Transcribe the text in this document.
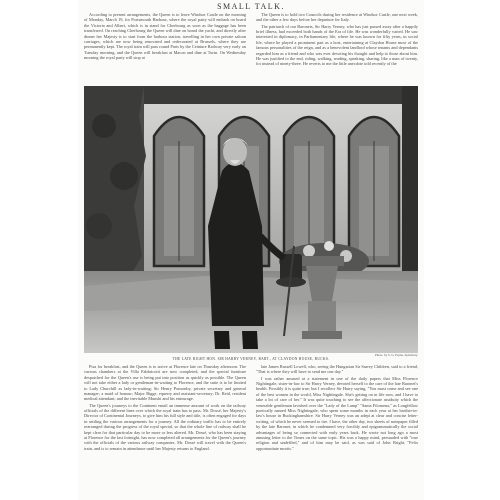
SMALL TALK.

According to present arrangements, the Queen is to leave Windsor Castle on the morning of Monday, March 19, for Portsmouth Harbour, where the royal party will embark on board the Victoria and Albert, which is in stand for Cherbourg as soon as the baggage has been transferred. On reaching Cherbourg the Queen will dine on board the yacht, and directly after dinner her Majesty is to start from the harbour station, travelling in her own private saloon carriages, which are now being renovated and redecorated at Brussels, where they are permanently kept. The royal train will pass round Paris by the Ceinture Railway very early on Tuesday morning, and the Queen will breakfast at Macon and dine at Turin. On Wednesday morning the royal party will stop at

The Queen is to hold two Councils during her residence at Windsor Castle, one next week, and the other a few days before her departure for Italy.

The patriarch of our Baronets, Sir Harry Verney, who has just passed away after a happily brief illness, had exceeded both hands of the Era of life. He was wonderfully varied. He saw interested in diplomacy, in Parliamentary life, where he was known for fifty years, in social life, where he played a prominent part as a host, entertaining at Claydon House most of the famous personalities of the reign, and as a benevolent landlord whose tenants and dependants regarded him as a friend and who was ever devoting his thought and help to those about him. He was justified to the end, riding, walking, reading, speaking, sharing, like a man of twenty, for instead of ninety-three. He reverts to me the little anecdote told recently of the

Photo. by S. G. Payne, Aylesbury.
THE LATE RIGHT HON. SIR HARRY VERNEY, BART., AT CLAYDON HOUSE, BUCKS.

Pisa for breakfast, and the Queen is to arrive at Florence late on Thursday afternoon. The various chambers at the Villa Fabbricotti are now completed, and the special furniture despatched for the Queen's use is being put into position as quickly as possible. The Queen will not take either a lady or gentleman-in-waiting to Florence, and the suite is to be limited to Lady Churchill as lady-in-waiting; Sir Henry Ponsonby, private secretary and general manager; a maid of honour; Major Bigge, equerry and assistant-secretary; Dr. Reid, resident medical attendant; and the inevitable Munshi and his entourage.

The Queen's journeys to the Continent entail an immense amount of work on the railway officials of the different lines over which the royal train has to pass. Mr. Dossé, her Majesty's Director of Continental Journeys, to give him his full style and title, is often engaged for days in settling the various arrangements for a journey. All the ordinary traffic has to be entirely rearranged during the progress of the royal special, so that the whole line of railway shall be kept clear for that particular day to be more or less altered. Mr. Dossé, who has been staying at Florence for the last fortnight, has now completed all arrangements for the Queen's journey with the officials of the various railway companies. Mr. Dossé will travel with the Queen's train, and is to remain in attendance until her Majesty returns to England.

late James Russell Lowell, who, seeing the Hungarian Sir Surrey Children, said to a friend, "That is where they will have to send me one day."

I was rather amused at a statement in one of the daily papers that Miss Florence Nightingale, sister-in-law to Sir Harry Verney, devoted herself to the care of the late Baronet's health. Possibly it is quite true; but I recollect Sir Harry saying, "You must come and see one of the best women in the world, Miss Nightingale. She's getting on in life now, and I have to take a lot of care of her." It was quite touching to see the affectionate assiduity which the venerable gentleman lavished over the "Lady of the Lamp" "Santa Filomena," as Longfellow poetically named Miss Nightingale, who spent some months in each year at her brother-in-law's house in Buckinghamshire. Sir Harry Verney was an adept at clear and concise letter-writing, of which he never seemed to tire. I have, the other day, two sheets of notepaper filled by the late Baronet, in which he condemned very forcibly and epigrammatically the social advantages of being so connected with early years back. He wrote not long ago a most amusing letter to the Times on the same topic. His was a happy mind, persuaded with "true religion and undefiled," and of him may be said, as was said of John Bright, "Felix opportunitate mortis."
